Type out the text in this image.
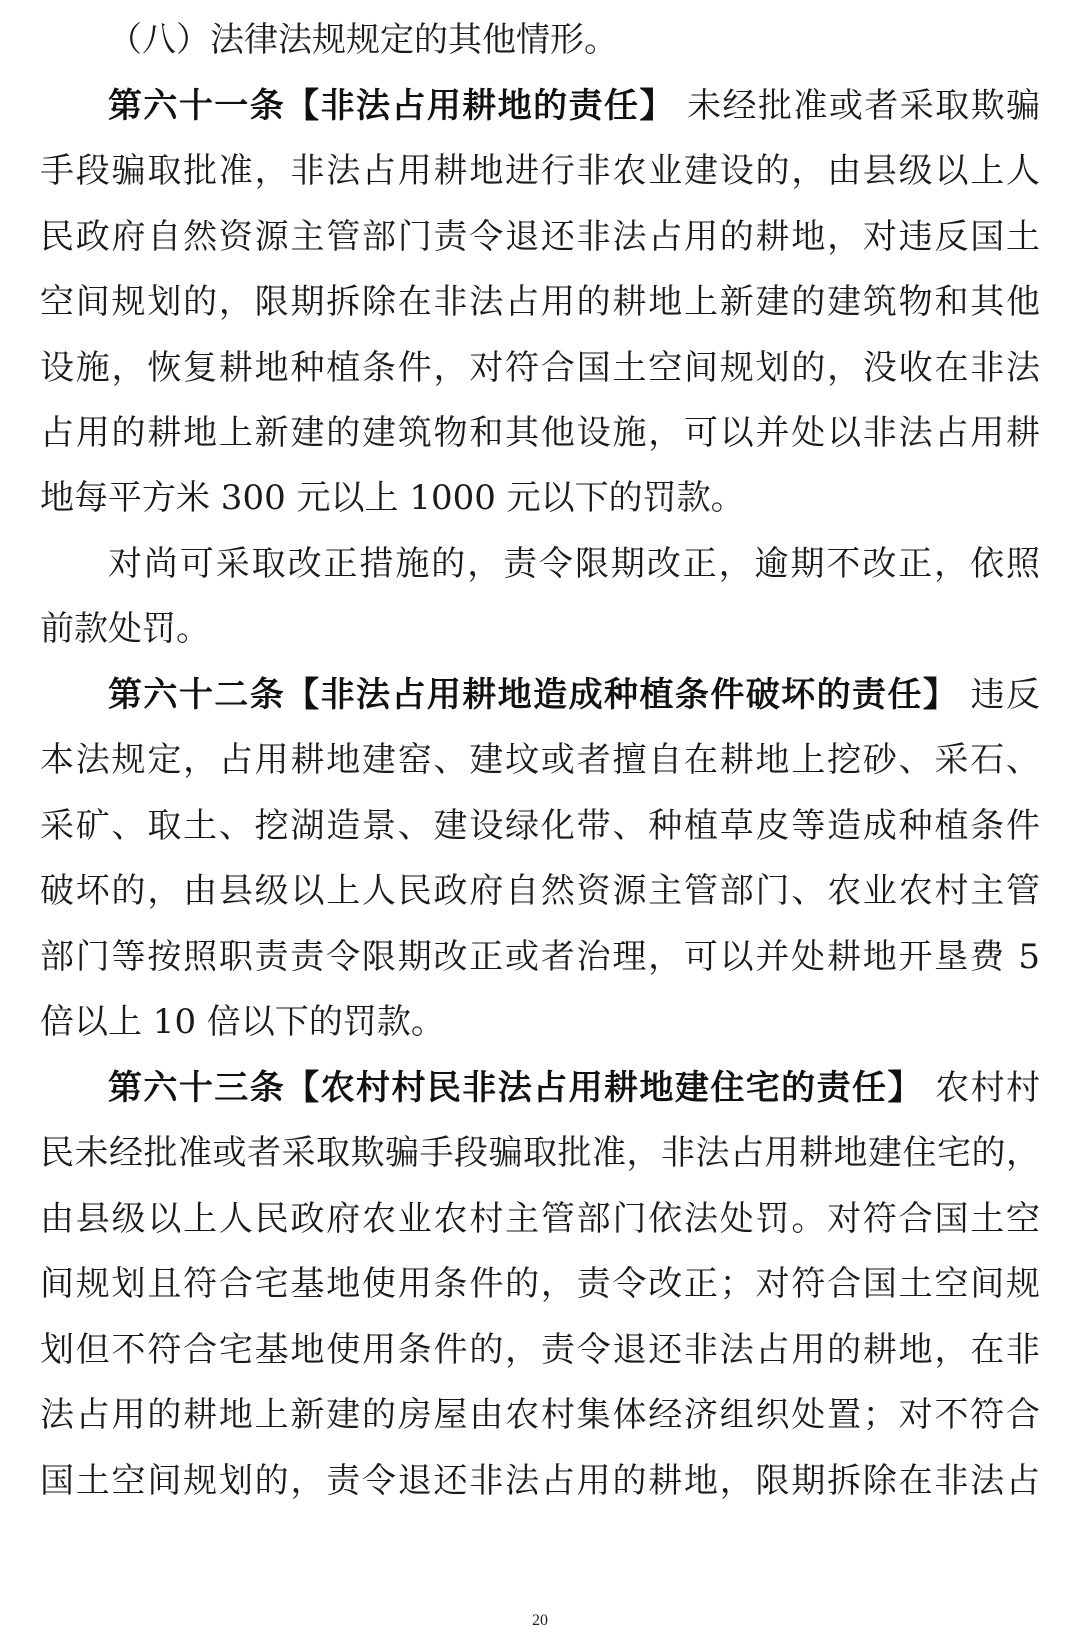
（八）法律法规规定的其他情形。
第六十一条【非法占用耕地的责任】 未经批准或者采取欺骗
手段骗取批准，非法占用耕地进行非农业建设的，由县级以上人
民政府自然资源主管部门责令退还非法占用的耕地，对违反国土
空间规划的，限期拆除在非法占用的耕地上新建的建筑物和其他
设施，恢复耕地种植条件，对符合国土空间规划的，没收在非法
占用的耕地上新建的建筑物和其他设施，可以并处以非法占用耕
地每平方米 300 元以上 1000 元以下的罚款。
对尚可采取改正措施的，责令限期改正，逾期不改正，依照
前款处罚。
第六十二条【非法占用耕地造成种植条件破坏的责任】 违反
本法规定，占用耕地建窑、建坟或者擅自在耕地上挖砂、采石、
采矿、取土、挖湖造景、建设绿化带、种植草皮等造成种植条件
破坏的，由县级以上人民政府自然资源主管部门、农业农村主管
部门等按照职责责令限期改正或者治理，可以并处耕地开垦费 5
倍以上 10 倍以下的罚款。
第六十三条【农村村民非法占用耕地建住宅的责任】 农村村
民未经批准或者采取欺骗手段骗取批准，非法占用耕地建住宅的，
由县级以上人民政府农业农村主管部门依法处罚。对符合国土空
间规划且符合宅基地使用条件的，责令改正；对符合国土空间规
划但不符合宅基地使用条件的，责令退还非法占用的耕地，在非
法占用的耕地上新建的房屋由农村集体经济组织处置；对不符合
国土空间规划的，责令退还非法占用的耕地，限期拆除在非法占
20
